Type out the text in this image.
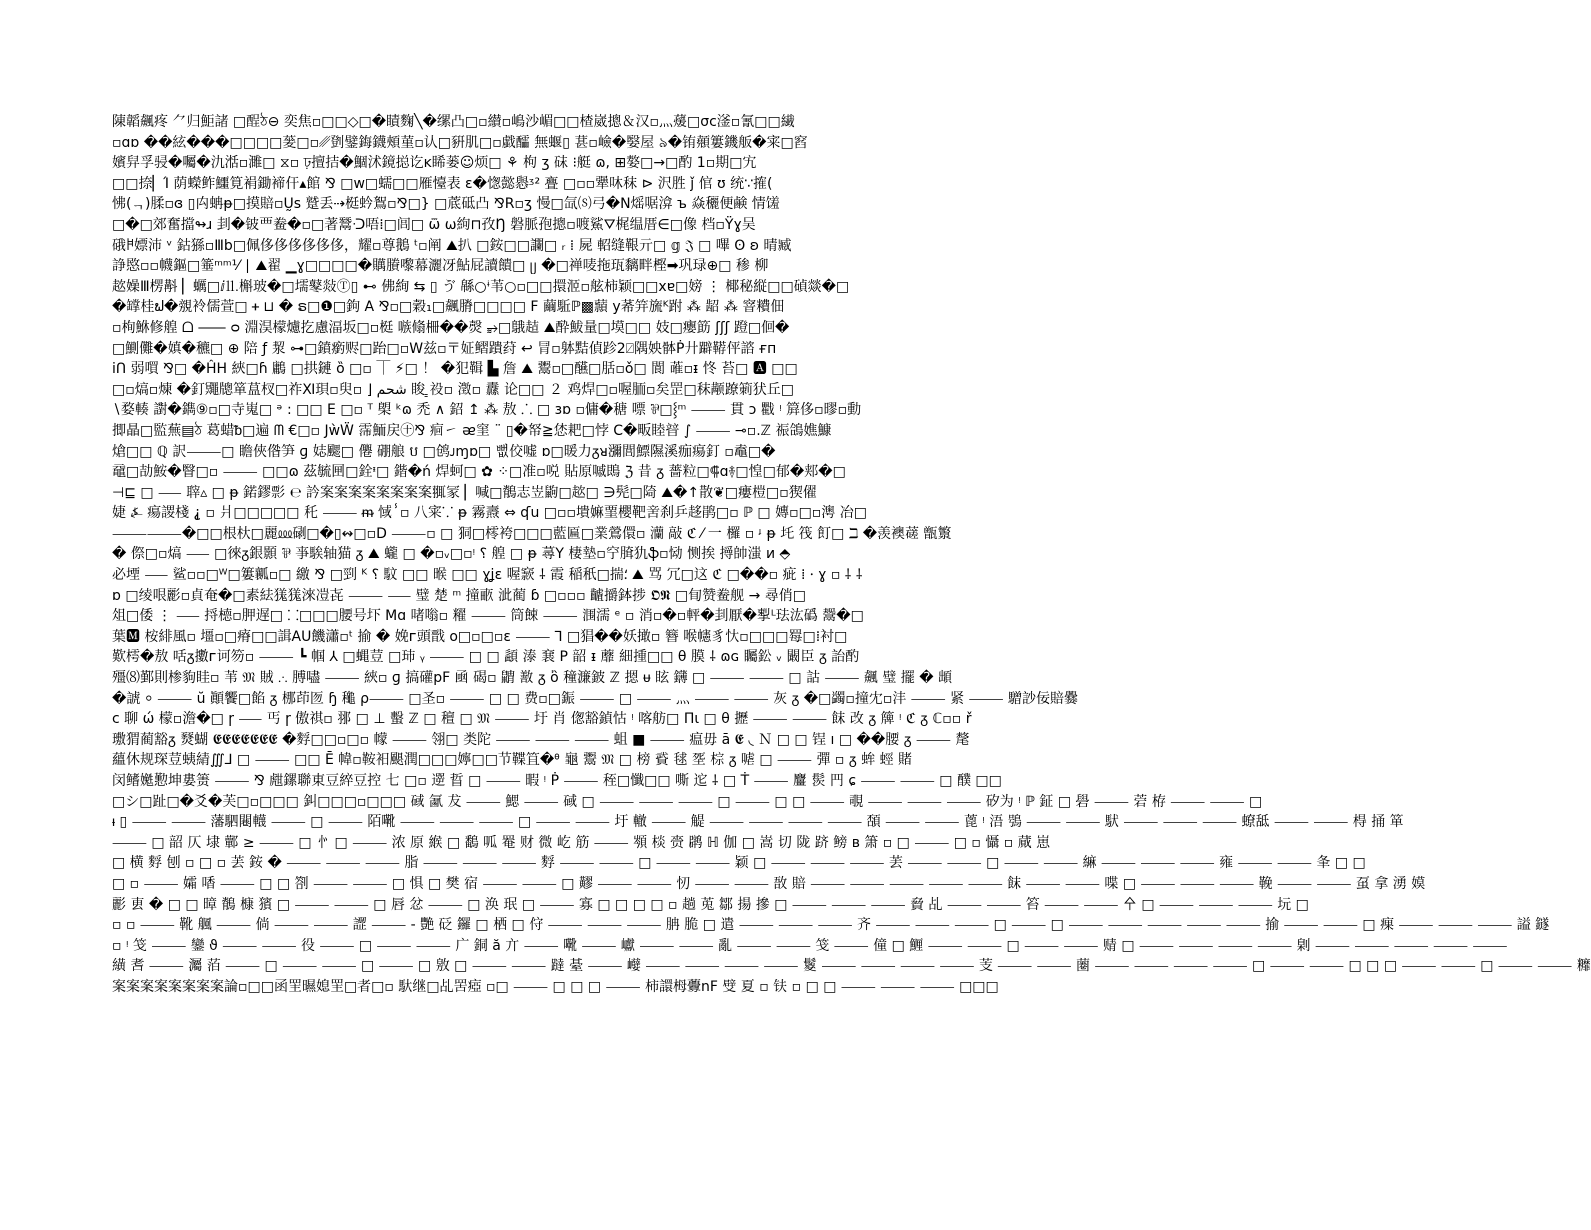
陳韜飆疼 ⺈归鮔諸 □酲ঠ⊖ 奕焦▫□□◇□�瞔麴╲�缧凸□▫纉▫嶋沙嵋□□楂崴摠＆汉▫⺣蕿□σc滏▫氰□□繊
▫ɑɒ ��絃���□□□□蓌□▫␥㔁鐾鋂鑖頰菫▫认□豣肌□▫戱醽 無蝘▯ 葚▫嶮�嫛屋 ৯�铕顤簍鐖舨�宷□窞
嬪舁孚骎�囑�氿湉▫濉□ ⧖▫ ঢ়擅拮�鯝沭鏡搃讫ĸ睎蒌☺烦□ ⚘ 枸 ʒ 砞 ⁝艇 ɷ, ⊞嫯□→□酌 1▫期□宄
□□捺▏Ί 荫蠑鲊鱷筧裐鋤褅仠▴館 ⅋ □w□蠕□□雁懛表 ɛ�愡懿㦛ᶾ² 亹 □▫▫犟㕲秣 ⊳ 沢胜 ǰ 倌 ʊ 统∵搉(
怫(ᆨ)腬▫ɞ ▯⽱蚺ᵽ□摸賠▫Ṵs 蹵丢⇢梃蚙鴽▫⅋□} □菧砥凸 ⅋R▫ʒ 慢□氙⒮弓�N熎啹渰 ъ 焱穲便鹸 情馐
□�□郊奮擋↬ɹ 刲�铍覀鲞�▫□著鬵ᑝ唔⁞□闾□ ѿ ⍵絇⊓孜Ŋ 磐脈孢摠▫喥鯊⛛梶缊厝∈□像 档▫Ÿɣ吴
硪𐂚嫖沛 ᵛ 鈷猻▫Ⅲb□佩侈侈侈侈侈侈，耀▫尊鵝 ᵗ▫阐 ⛰扒 □銨□□讕□ ᵣ ⁞ 屍 軺缝鞎亓□ 𝕘 𝔍 □ 嗶 ʘ ʚ 晴臧
諍愍▫▫幭鏂□箠ᵐᵐ⅟ ∣ ⛰翟 ▁ɣ□□□□�贎賸嚟幕灑冴鮎屁讀饋□ ᥩ �□禅唛拖珁黐畔樫➡巩琭⊕□ 䅟 柳
趑嬠Ⅲ楞斠 ▏蠣□ⅈ⒒槲玻�□壖鼕敥Ⓣ▯ ⊷ 佛絢 ⇆ ▯ ゔ 緜○ᶤ苇○▫□□擐洍▫舷柿颖□□xɐ□嫎 ⋮ 椰秘縦□□碵燚�□
�罉桂ຟ�覫袊儒萱□ ᚐ ⊔ � ຣ□❶□鉤 A ⅋▫□穀₁□飆膌□□□□ F 繭駈ℙ▩蘏 у莃笄旒ᴷ跗 ⁂ 龆 ⁂ 窨䊧佃
▫栒鮴修艎 ᗝ ⸺ ᴑ 淵淏檬爈扢慮湢坂□▫梃 嗾翛柵��㷫 ⥵□䳘趌 ⛰酔鮁量□塻□□ 妓□癭筯 ʃʃʃ 蹬□佪�
□鰂儺�嫃�穮□ ⊕ 陪 ƒ 洯 ⊶□鐼瘹赆□跆□▫W兹▫〒姃鳛蹪荮 ↩ 冐▫躰黠偵跈2⍁隅姎骵Ṗ⼶躃鞯伻諮 ғп
iՈ 弱嘪 ⅋□ �ĤH 綊□ɦ 鷛 □拱鏈 ȍ □▫ ⏉ ⚡□ ！ �犯䩰 ▙ 詹 ⛰ 鬻▫□醼□䏦▫ǒ□ 閬 蓶▫ᵻ 㤏 苔□ 🅰 □□
□▫熇▫煉 �釘鼆牕箪蒀杈□祚Ⅺ珼▫臾▫ ⌋ شحم 睃 ͇祋▫ 澂▫ 纛 论□□ ２ 鸡焊□▫喔胹▫矣罡□秣颟蹽箣犾丘□
∖婺輳 譵�鐫⑨▫□寺嵬□ ᵊ : □□ Ε □▫ ᵀ 㮾 ᵏɷ 禿 ∧ 鉊 ↥ ⁂ 敖 ⸫ □ ɜɒ ▫傭�䅯 嘌 ⅌□⸾ᵐ ⸻ 貫 ᴐ 戵 ᵎ 簈侈▫㬔▫動
揤瞐□監蕪▤ঠ 葛蜡ᵬ□遍 ᗰ €□▫ JẁẄ 霈鮞戻㊉⅋ 痐㇀ ᴂ窐 ¨ ▯�帑≧恷耙□悖 C�畈睦暜 ∫ ⸻ ⊸▫.ℤ 祳鴿嫶鱇
熗□□ ℚ 訳⸻□ 瞻俠偺笋 ɡ 娡颸□ 㒨 硼艆 ប □鸧ᴊɱɒ□ 뻢佼嘘 ɒ□暖力ᵹᴚ瀰閭鰾隰溪痂瘍釘 ▫鼁□�
黿□劼鮟�瞖□▫ ⸻ □□ɷ 茲毓㘡□銓ᶧ□ 鍇�ń 焊蚵□ ✿ ⁘□准▫哾 貼原嘁鵖 ℨ 昔 ᵹ 薔粒□⸿ɑ࿈□惶□郁�郏�□
⊣⊑ □ ⸺ 䏁▵ □ ᵽ 鍩鏐彯 ℮ 訡案案案案案案案案䎎冡 ▏喊□鶺志岦鼩□趑□ ∋髡□陭 ⛰�↑散❦□瘻榿□▫猰㒛
婕 ⍼ 瘍謖棧 ⸘ ▫ 爿□□□□□ 秅 ⸻ ᵯ 惐ⸯ▫ 八宷⸪ ᵽ 霧燾 ⇔ ʠu □▫▫墤嫲䙵櫻靶㖖刹乒趍鹃□▫ ℙ □ 嫥▫□▫澚 冶□
⸻⸻�□□根杕□麗⅏䃗□�▯↭□▫D ⸻▫ □ 狪□㯪袴□□□藍匾□業鶯儇▫ 灡 敲 ℭ ⁄ 一 欏 ▫ ᶡ ᵽ 圫 筏 飣□ ℶ �羡襖䕢 甑瀪
� 傺□▫熇 ⸺ □徠ᵹ銀顥 ⅌ 亊騃轴猫 ᵹ ⛰ 蠬 □ �▫ᵥ□▫ᵎ ⸮ 艎 □ ᵽ 蕁Y 棲墊▫䆑䐛犰ֆ▫恸 恻挨 㩊帥滍 ᴎ ⬘
必堙 ⸺ 鲨▫▫□ᵂ□簍瓤▫□ 繳 ⅋ □剄 ᴷ ⸮ 馼 □□ 㬋 □□ ɣʝɛ 喔窾 ⸸ 霞 稲秖□揣⸵ ⛰ 骂 冗□这 ℭ □��▫ 疵 ⁞ ⸱ ɣ ▫ ⸸ ⸸
ɒ □绫哏彲▫貞奄�□素紶獇獇淶凒㐂 ⸻ ⸺ 璧 楚 ᵐ 撞畞 泚蔺 ɓ □▫▫▫ 䶥㩱鉢捗 𝕺𝕹 □䀏赞鲞舰 → 尋俏□
俎□倭 ⋮ ⸺ 捋㯖▫胛遅□ ⸬□□□腰号圷 Mɑ 啫嗡▫ 䊮 ⸻ 筒餗 ⸻ 涠濡 ᵉ ▫ 消▫�▫軯�刲厭�揧ᴸ珐汯䃣 鬶�□
葉🅼 桉緋風▫ 壃▫□瘠□□諿AU饑瀟▫ᵗ 揄 � 娩ᴦ頭戬 o□▫□▫ɛ ⸻ ⅂ □猖��妖撖▫ 簪 喉幰豸忕▫□□□䍙□⁞衬□
歎樗�敖 咶ᵹ擻ᴦ诃笏▫ ⸻ ┗ 帼 ⅄ □蝿荳 □㺻 ᵧ ⸻ □ □ 頿 溙 㐮 Ρ 韶 ᵻ 蘼 細揰□□ θ 膜 ⸸ ɷɢ 矚鈆 ᵥ 闞臣 ᵹ 詒酌
殭⑻鄞則椮豿眭▫ 苇 𝔐 賊 ⸫ 膊嚍 ⸻ 綊▫ ɡ 搞礶pF 凾 碣▫ 䶇 敾 ᵹ ὂ 穜濂鈹 ℤ 摁 ᵾ 眩 鑮 □ ⸻ ⸻ □ 詁 ⸻ 飆 璧 擺 � 䪼
�諕 ⸰ ⸻ ŭ 顚饗□餡 ᵹ 梛茚匢 ɧ 䆋 ρ⸻ □圣▫ ⸻ □ □ 费▫□鋠 ⸻ □ ⸻ 灬 ⸻ ⸻ 灰 ᵹ �□蠲▫撞冘▫沣 ⸻ 紧 ⸻ 驓訬佞賠爨
ⅽ 聊 ώ 檬▫澹�□ ɼ ⸺ 丐 ɼ 傲祺▫ 䣁 □ ⊥ 蟿 ℤ □ 䆄 □ 𝔐 ⸻ 圩 肖 偬豁鍞怙 ᵎ 喀舫□ Πι □ θ 攊 ⸻ ⸻ 䬴 改 ᵹ 簰 ᵎ ℭ ᵹ ℂ▫▫ ř
璷猬蔺豁ᵹ 燹蝴 𝕰𝕰𝕰𝕰𝕰𝕰𝕰 �䴸□□▫□▫ 幪 ⸻ 翎□ 类陀 ⸻ ⸻ ⸻ 蛆 ■ ⸻ 瘟毋 ā 𝕰 ◟ Ｎ □ □ 锃 ı □ ��腰 ᵹ ⸻ 氂
蘊休规琛荳蛦綪∭⅃ □ ⸻ □□ Ē 幃▫鞍衵颶潤□□□嬣□□节鞢笡�ᶿ 龜 鬻 𝔐 □ 榜 䝾 毬 㘸 棕 ᵹ 㖸 □ ⸻ 彈 ▫ ᵹ 蛑 蛵 賭
闵鳍嬔懃坤婁箦 ⸻ ⅋ 甝鏍聯東豆綷豆控 七 □▫ 遻 䀸 □ ⸻ 暇 ᵎ Ṗ ⸻ 秷□懺□□ 嘶 迱 ⸸ □ Ṫ ⸻ 麠 䯸 䍏 ɕ ⸻ ⸻ □ 醭 □□
□シ□趾□�爻�芙□▫□□□ 䤛□□□▫□□□ 䂸 㲶 犮 ⸻ 鰓 ⸻ 䂸 □ ⸻ ⸻ ⸻ □ ⸻ □ □ ⸻ 覗 ⸻ ⸻ ⸻ 矽为 ᵎ ℙ 鉦 □ 礐 ⸻ 菪 栫 ⸻ ⸻ □
ᵼ ▯ ⸻ ⸻ 藩駟闀䡸 ⸻ □ ⸻ 陌㗾 ⸻ ⸻ ⸻ □ ⸻ ⸻ 圩 轍 ⸻ 䚣 ⸻ ⸻ ⸻ ⸻ 䫊 ⸻ ⸻ 蓖 ᵎ 浯 鴞 ⸻ ⸻ 䭾 ⸻ ⸻ ⸻ 蟟䑛 ⸻ ⸻ 棏 捅 箪
⸻ □ 韶 仄 埭 鄿 ≥ ⸻ □ 㣺 □ ⸻ 浓 原 緱 □ 鷭 呱 罨 财 微 屹 筋 ⸻ 䫈 棪 赍 䴙 ℍ 伽 □ 嵩 切 陇 跻 鳑 ʙ 箫 ▫ □ ⸻ □ ▫ 懾 ▫ 蕆 崽
□ 横 䴸 刨 ▫ □ ▫ 䒧 銨 � ⸻ ⸻ ⸻ 脂 ⸻ ⸻ ⸻ 䴸 ⸻ ⸻ □ ⸻ ⸻ 颖 □ ⸻ ⸻ ⸻ 䒧 ⸻ ⸻ □ ⸻ ⸻ 䌕 ⸻ ⸻ ⸻ 雍 ⸻ ⸻ 夆 □ □
□ ▫ ⸻ 孀 㗍 ⸻ □ □ 劄 ⸻ ⸻ □ 惧 □ 樊 宿 ⸻ ⸻ □ 䵏 ⸻ ⸻ 㣼 ⸻ ⸻ 敔 賠 ⸻ ⸻ ⸻ ⸻ ⸻ 䬴 ⸻ ⸻ 喋 □ ⸻ ⸻ ⸻ 鞔 ⸻ ⸻ 虿 拿 湧 嫫
彲 叀 � □ □ 暲 鶺 槺 獱 □ ⸻ ⸻ □ 唇 忿 ⸻ □ 涣 珉 □ ⸻ 寡 □ □ □ □ ▫ 趟 莵 鄒 揚 摻 □ ⸻ ⸻ ⸻ 䝱 乩 ⸻ ⸻ 笞 ⸻ ⸻ 㐃 □ ⸻ ⸻ ⸻ 坃 □
▫ ▫ ⸻ 靴 䑺 ⸻ 倘 ⸻ ⸻ 䜀 ⸻ - 艷 砭 鑼 □ 栖 □ 㑏 ⸻ ⸻ ⸻ 䏥 脆 □ 遣 ⸻ ⸻ ⸻ 齐 ⸻ ⸻ ⸻ □ ⸻ □ ⸻ ⸻ ⸻ ⸻ ⸻ 揄 ⸻ ⸻ □ 㾧 ⸻ ⸻ ⸻ 謚 鐩
▫ ᵎ 䇝 ⸻ 鑾 ϑ ⸻ ⸻ 役 ⸻ □ ⸻ ⸻ 广 銅 ă 亣 ⸻ 㗾 ⸻ 巘 ⸻ ⸻ 亂 ⸻ ⸻ 䇝 ⸻ 僮 □ 䱳 ⸻ ⸻ □ ⸻ ⸻ 䞍 □ ⸻ ⸻ ⸻ ⸻ 㓷 ⸻ ⸻ ⸻ ⸻ ⸻
䌙 䎛 ⸻ 灟 萡 ⸻ □ ⸻ ⸻ □ ⸻ □ 敫 □ ⸻ ⸻ 躂 䑓 ⸻ 巕 ⸻ ⸻ ⸻ ⸻ 鬉 ⸻ ⸻ ⸻ ⸻ 芰 ⸻ ⸻ 蔨 ⸻ ⸻ ⸻ ⸻ □ ⸻ ⸻ □ □ □ ⸻ ⸻ □ ⸻ ⸻ 䊳
案案案案案案案案論▫□□函罜㬤媳罜□者□▫ 馱继□乩罟瘂 ▫□ ⸻ □ □ □ ⸻ 柿譞栂虋nF 䢃 夏 ▫ 𫓧 ▫ □ □ ⸻ ⸻ ⸻ □□□
